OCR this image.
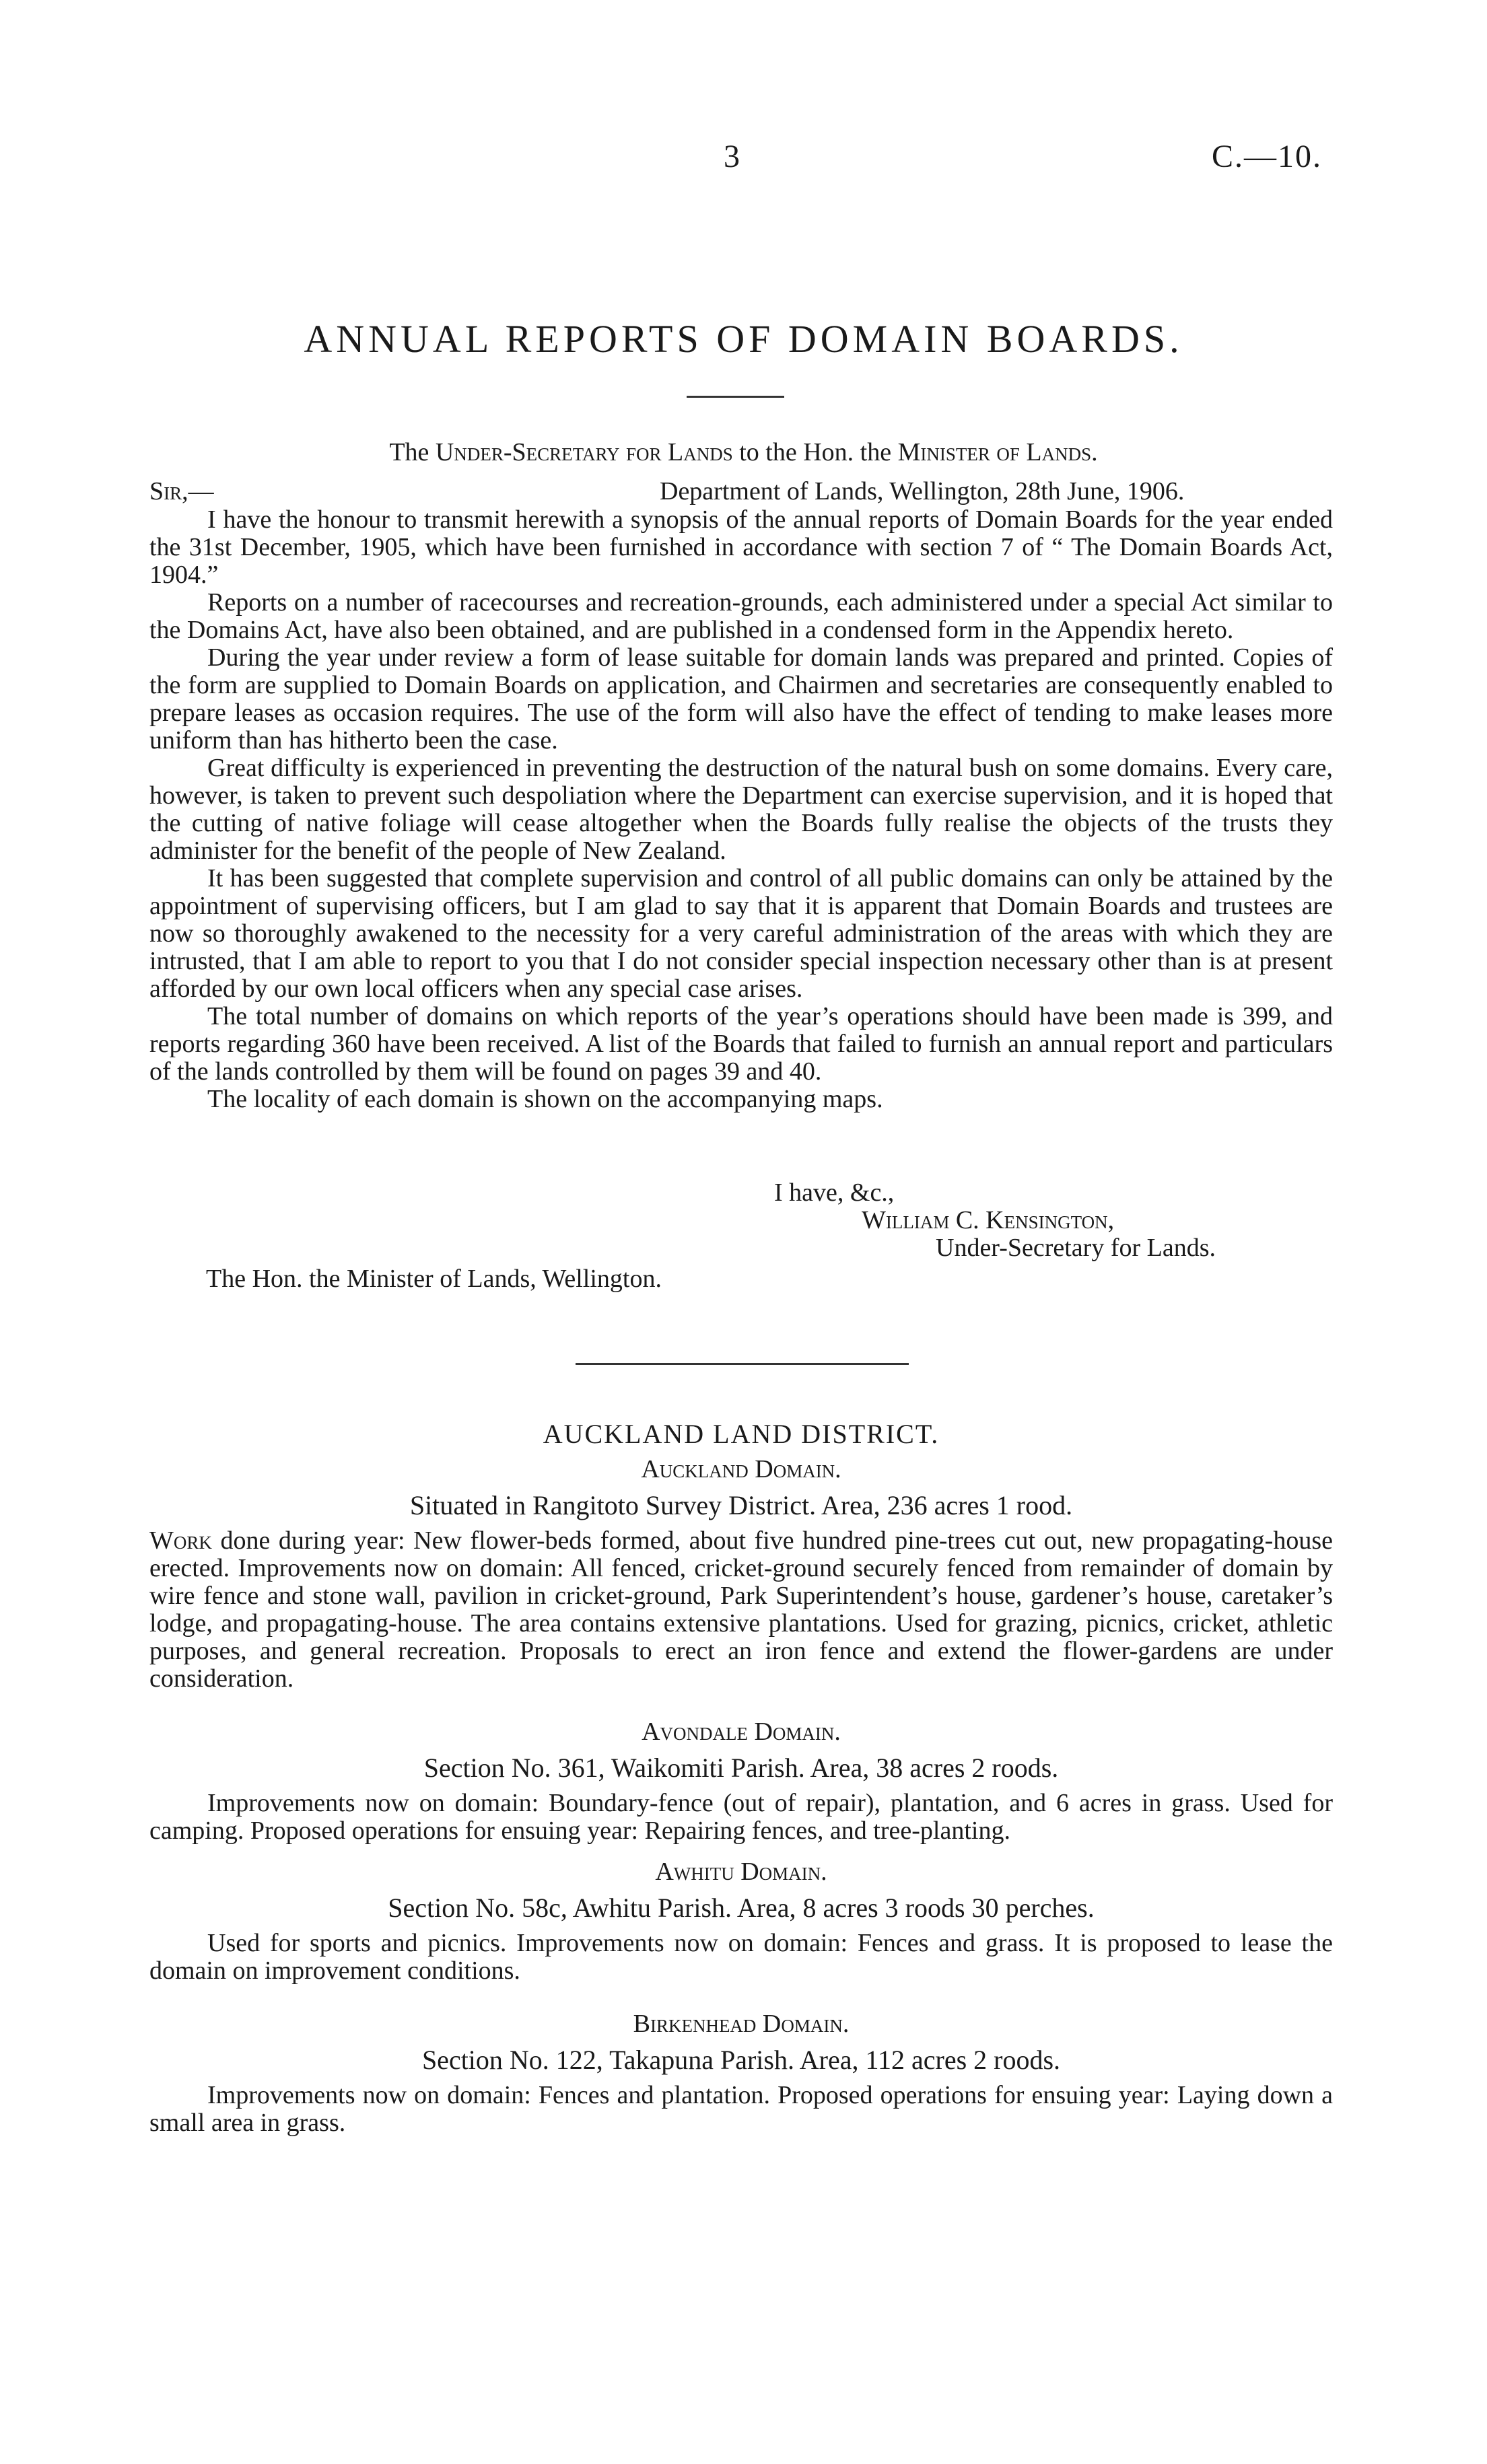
3	C.—10.
ANNUAL REPORTS OF DOMAIN BOARDS.
The Under-Secretary for Lands to the Hon. the Minister of Lands.
Sir,—	Department of Lands, Wellington, 28th June, 1906.

I have the honour to transmit herewith a synopsis of the annual reports of Domain Boards for the year ended the 31st December, 1905, which have been furnished in accordance with section 7 of “ The Domain Boards Act, 1904.”

Reports on a number of racecourses and recreation-grounds, each administered under a special Act similar to the Domains Act, have also been obtained, and are published in a condensed form in the Appendix hereto.

During the year under review a form of lease suitable for domain lands was prepared and printed. Copies of the form are supplied to Domain Boards on application, and Chairmen and secretaries are consequently enabled to prepare leases as occasion requires. The use of the form will also have the effect of tending to make leases more uniform than has hitherto been the case.

Great difficulty is experienced in preventing the destruction of the natural bush on some domains. Every care, however, is taken to prevent such despoliation where the Department can exercise supervision, and it is hoped that the cutting of native foliage will cease altogether when the Boards fully realise the objects of the trusts they administer for the benefit of the people of New Zealand.

It has been suggested that complete supervision and control of all public domains can only be attained by the appointment of supervising officers, but I am glad to say that it is apparent that Domain Boards and trustees are now so thoroughly awakened to the necessity for a very careful administration of the areas with which they are intrusted, that I am able to report to you that I do not consider special inspection necessary other than is at present afforded by our own local officers when any special case arises.

The total number of domains on which reports of the year’s operations should have been made is 399, and reports regarding 360 have been received. A list of the Boards that failed to furnish an annual report and particulars of the lands controlled by them will be found on pages 39 and 40.

The locality of each domain is shown on the accompanying maps.

I have, &c.,
William C. Kensington,
Under-Secretary for Lands.
The Hon. the Minister of Lands, Wellington.

AUCKLAND LAND DISTRICT.

Auckland Domain.

Situated in Rangitoto Survey District. Area, 236 acres 1 rood.

Work done during year: New flower-beds formed, about five hundred pine-trees cut out, new propagating-house erected. Improvements now on domain: All fenced, cricket-ground securely fenced from remainder of domain by wire fence and stone wall, pavilion in cricket-ground, Park Superintendent’s house, gardener’s house, caretaker’s lodge, and propagating-house. The area contains extensive plantations. Used for grazing, picnics, cricket, athletic purposes, and general recreation. Proposals to erect an iron fence and extend the flower-gardens are under consideration.

Avondale Domain.

Section No. 361, Waikomiti Parish. Area, 38 acres 2 roods.

Improvements now on domain: Boundary-fence (out of repair), plantation, and 6 acres in grass. Used for camping. Proposed operations for ensuing year: Repairing fences, and tree-planting.

Awhitu Domain.

Section No. 58c, Awhitu Parish. Area, 8 acres 3 roods 30 perches.

Used for sports and picnics. Improvements now on domain: Fences and grass. It is proposed to lease the domain on improvement conditions.

Birkenhead Domain.

Section No. 122, Takapuna Parish. Area, 112 acres 2 roods.

Improvements now on domain: Fences and plantation. Proposed operations for ensuing year: Laying down a small area in grass.
